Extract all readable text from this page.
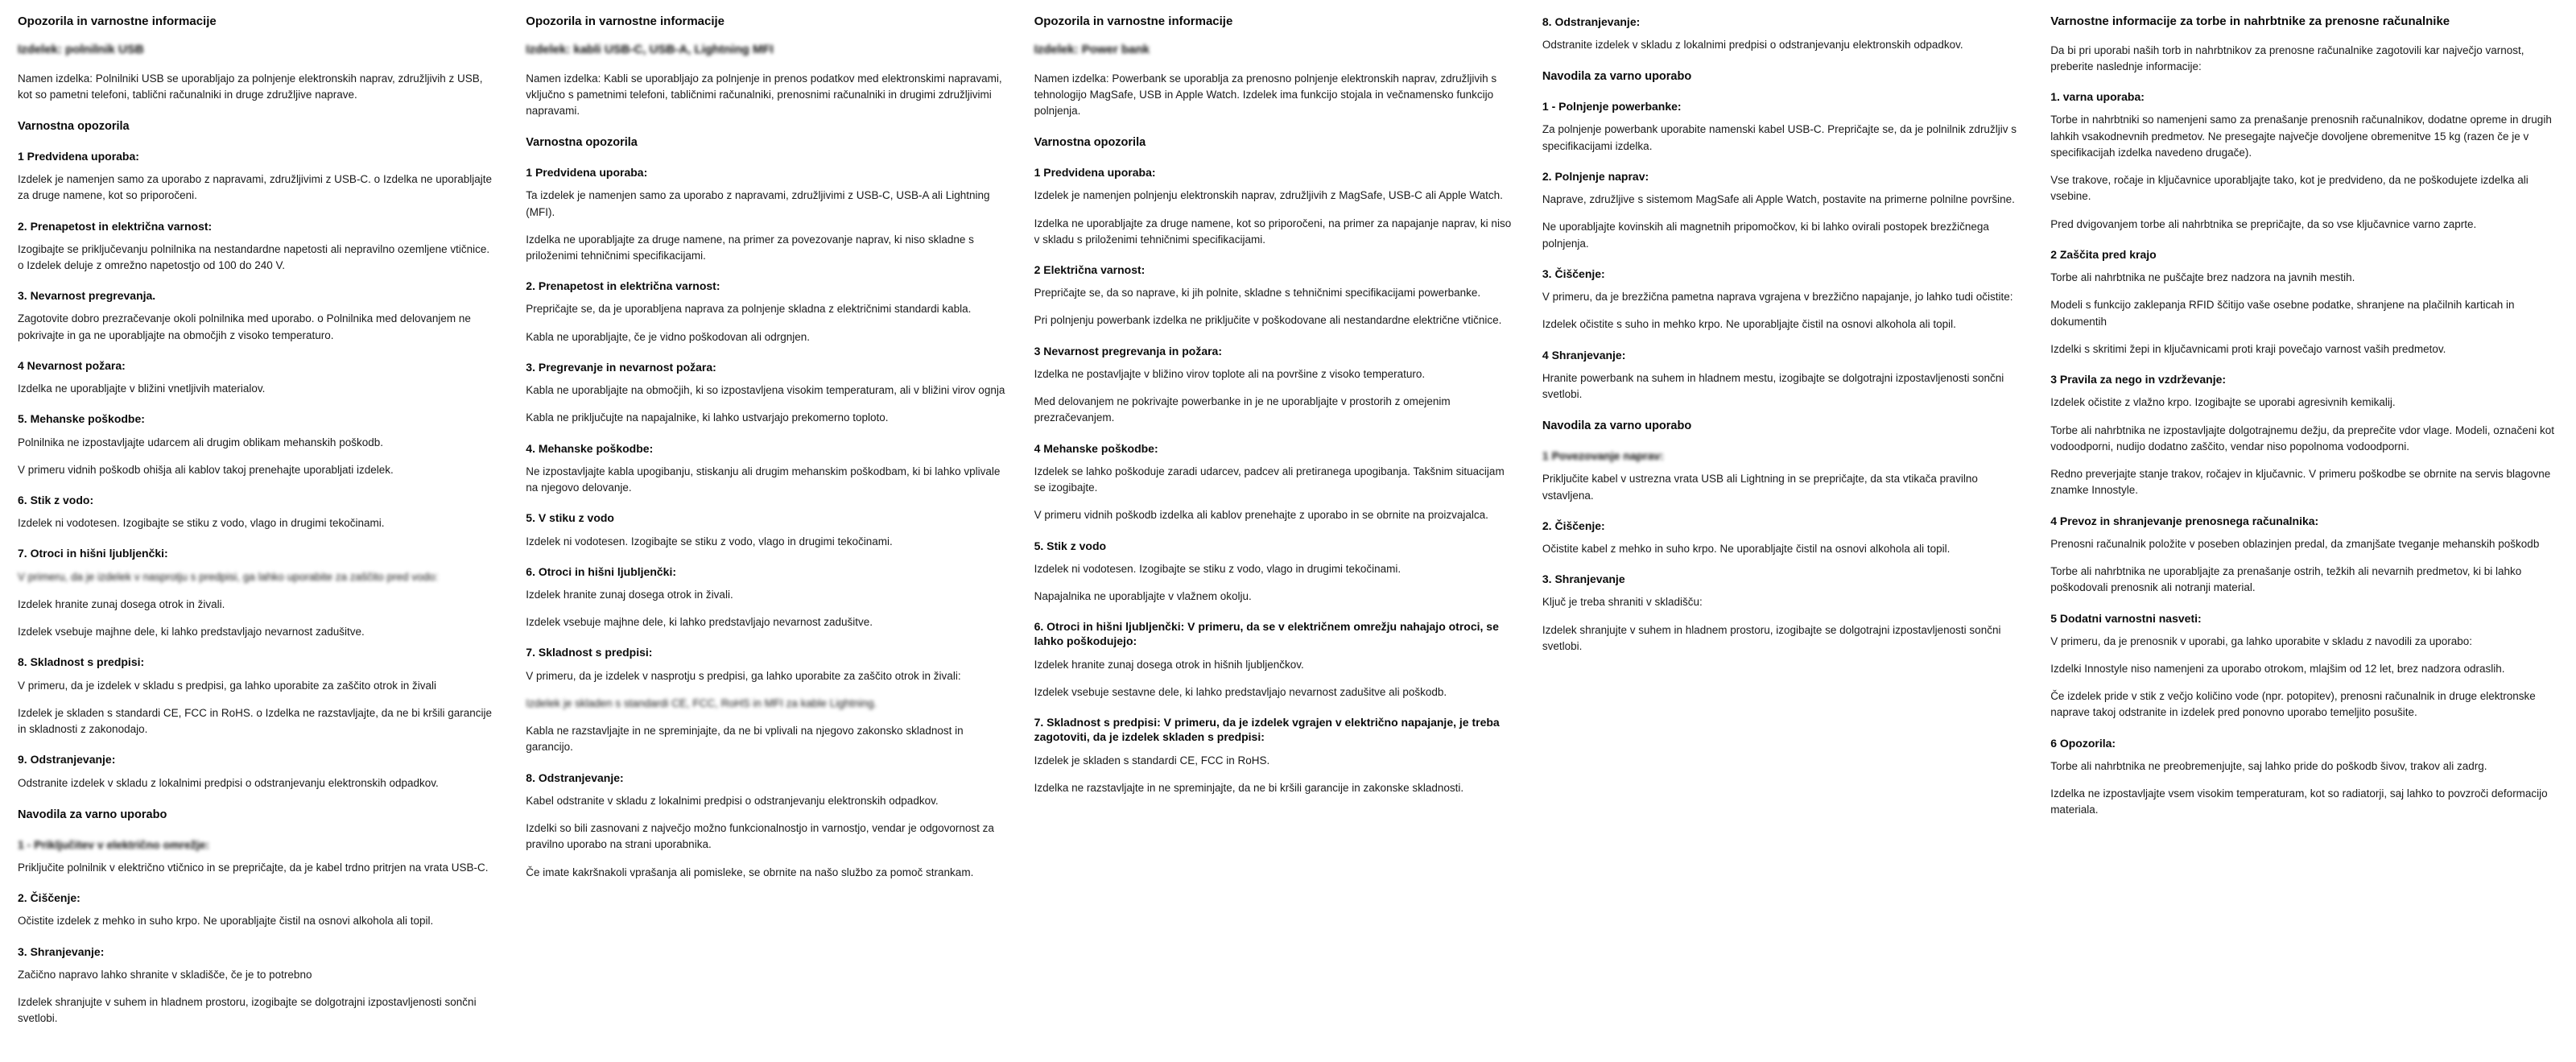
Opozorila in varnostne informacije
Izdelek: polnilnik USB

Namen izdelka: Polnilniki USB se uporabljajo za polnjenje elektronskih naprav, združljivih z USB, kot so pametni telefoni, tablični računalniki in druge združljive naprave.

Varnostna opozorila
1 Predvidena uporaba:

Izdelek je namenjen samo za uporabo z napravami, združljivimi z USB-C. o Izdelka ne uporabljajte za druge namene, kot so priporočeni.

2. Prenapetost in električna varnost:

Izogibajte se priključevanju polnilnika na nestandardne napetosti ali nepravilno ozemljene vtičnice. o Izdelek deluje z omrežno napetostjo od 100 do 240 V.

3. Nevarnost pregrevanja.

Zagotovite dobro prezračevanje okoli polnilnika med uporabo. o Polnilnika med delovanjem ne pokrivajte in ga ne uporabljajte na območjih z visoko temperaturo.

4 Nevarnost požara:

Izdelka ne uporabljajte v bližini vnetljivih materialov.

5. Mehanske poškodbe:

Polnilnika ne izpostavljajte udarcem ali drugim oblikam mehanskih poškodb.

V primeru vidnih poškodb ohišja ali kablov takoj prenehajte uporabljati izdelek.

6. Stik z vodo:

Izdelek ni vodotesen. Izogibajte se stiku z vodo, vlago in drugimi tekočinami.

7. Otroci in hišni ljubljenčki:

V primeru, da je izdelek v nasprotju s predpisi, ga lahko uporabite za zaščito pred vodo:

Izdelek hranite zunaj dosega otrok in živali.

Izdelek vsebuje majhne dele, ki lahko predstavljajo nevarnost zadušitve.

8. Skladnost s predpisi:

V primeru, da je izdelek v skladu s predpisi, ga lahko uporabite za zaščito otrok in živali

Izdelek je skladen s standardi CE, FCC in RoHS. o Izdelka ne razstavljajte, da ne bi kršili garancije in skladnosti z zakonodajo.

9. Odstranjevanje:

Odstranite izdelek v skladu z lokalnimi predpisi o odstranjevanju elektronskih odpadkov.

Navodila za varno uporabo
1 - Priključitev v električno omrežje:

Priključite polnilnik v električno vtičnico in se prepričajte, da je kabel trdno pritrjen na vrata USB-C.

2. Čiščenje:

Očistite izdelek z mehko in suho krpo. Ne uporabljajte čistil na osnovi alkohola ali topil.

3. Shranjevanje:

Začično napravo lahko shranite v skladišče, če je to potrebno

Izdelek shranjujte v suhem in hladnem prostoru, izogibajte se dolgotrajni izpostavljenosti sončni svetlobi.

Opozorila in varnostne informacije
Izdelek: kabli USB-C, USB-A, Lightning MFI

Namen izdelka: Kabli se uporabljajo za polnjenje in prenos podatkov med elektronskimi napravami, vključno s pametnimi telefoni, tabličnimi računalniki, prenosnimi računalniki in drugimi združljivimi napravami.

Varnostna opozorila
1 Predvidena uporaba:

Ta izdelek je namenjen samo za uporabo z napravami, združljivimi z USB-C, USB-A ali Lightning (MFI).

Izdelka ne uporabljajte za druge namene, na primer za povezovanje naprav, ki niso skladne s priloženimi tehničnimi specifikacijami.

2. Prenapetost in električna varnost:

Prepričajte se, da je uporabljena naprava za polnjenje skladna z električnimi standardi kabla.

Kabla ne uporabljajte, če je vidno poškodovan ali odrgnjen.

3. Pregrevanje in nevarnost požara:

Kabla ne uporabljajte na območjih, ki so izpostavljena visokim temperaturam, ali v bližini virov ognja

Kabla ne priključujte na napajalnike, ki lahko ustvarjajo prekomerno toploto.

4. Mehanske poškodbe:

Ne izpostavljajte kabla upogibanju, stiskanju ali drugim mehanskim poškodbam, ki bi lahko vplivale na njegovo delovanje.

5. V stiku z vodo

Izdelek ni vodotesen. Izogibajte se stiku z vodo, vlago in drugimi tekočinami.

6. Otroci in hišni ljubljenčki:

Izdelek hranite zunaj dosega otrok in živali.

Izdelek vsebuje majhne dele, ki lahko predstavljajo nevarnost zadušitve.

7. Skladnost s predpisi:

V primeru, da je izdelek v nasprotju s predpisi, ga lahko uporabite za zaščito otrok in živali:

Izdelek je skladen s standardi CE, FCC, RoHS in MFI za kable Lightning.

Kabla ne razstavljajte in ne spreminjajte, da ne bi vplivali na njegovo zakonsko skladnost in garancijo.

8. Odstranjevanje:

Kabel odstranite v skladu z lokalnimi predpisi o odstranjevanju elektronskih odpadkov.

Izdelki so bili zasnovani z največjo možno funkcionalnostjo in varnostjo, vendar je odgovornost za pravilno uporabo na strani uporabnika.

Če imate kakršnakoli vprašanja ali pomisleke, se obrnite na našo službo za pomoč strankam.

Opozorila in varnostne informacije
Izdelek: Power bank

Namen izdelka: Powerbank se uporablja za prenosno polnjenje elektronskih naprav, združljivih s tehnologijo MagSafe, USB in Apple Watch. Izdelek ima funkcijo stojala in večnamensko funkcijo polnjenja.

Varnostna opozorila
1 Predvidena uporaba:

Izdelek je namenjen polnjenju elektronskih naprav, združljivih z MagSafe, USB-C ali Apple Watch.

Izdelka ne uporabljajte za druge namene, kot so priporočeni, na primer za napajanje naprav, ki niso v skladu s priloženimi tehničnimi specifikacijami.

2 Električna varnost:

Prepričajte se, da so naprave, ki jih polnite, skladne s tehničnimi specifikacijami powerbanke.

Pri polnjenju powerbank izdelka ne priključite v poškodovane ali nestandardne električne vtičnice.

3 Nevarnost pregrevanja in požara:

Izdelka ne postavljajte v bližino virov toplote ali na površine z visoko temperaturo.

Med delovanjem ne pokrivajte powerbanke in je ne uporabljajte v prostorih z omejenim prezračevanjem.

4 Mehanske poškodbe:

Izdelek se lahko poškoduje zaradi udarcev, padcev ali pretiranega upogibanja. Takšnim situacijam se izogibajte.

V primeru vidnih poškodb izdelka ali kablov prenehajte z uporabo in se obrnite na proizvajalca.

5. Stik z vodo

Izdelek ni vodotesen. Izogibajte se stiku z vodo, vlago in drugimi tekočinami.

Napajalnika ne uporabljajte v vlažnem okolju.

6. Otroci in hišni ljubljenčki: V primeru, da se v električnem omrežju nahajajo otroci, se lahko poškodujejo:

Izdelek hranite zunaj dosega otrok in hišnih ljubljenčkov.

Izdelek vsebuje sestavne dele, ki lahko predstavljajo nevarnost zadušitve ali poškodb.

7. Skladnost s predpisi: V primeru, da je izdelek vgrajen v električno napajanje, je treba zagotoviti, da je izdelek skladen s predpisi:

Izdelek je skladen s standardi CE, FCC in RoHS.

Izdelka ne razstavljajte in ne spreminjajte, da ne bi kršili garancije in zakonske skladnosti.

8. Odstranjevanje:

Odstranite izdelek v skladu z lokalnimi predpisi o odstranjevanju elektronskih odpadkov.

Navodila za varno uporabo
1 - Polnjenje powerbanke:

Za polnjenje powerbank uporabite namenski kabel USB-C. Prepričajte se, da je polnilnik združljiv s specifikacijami izdelka.

2. Polnjenje naprav:

Naprave, združljive s sistemom MagSafe ali Apple Watch, postavite na primerne polnilne površine.

Ne uporabljajte kovinskih ali magnetnih pripomočkov, ki bi lahko ovirali postopek brezžičnega polnjenja.

3. Čiščenje:

V primeru, da je brezžična pametna naprava vgrajena v brezžično napajanje, jo lahko tudi očistite:

Izdelek očistite s suho in mehko krpo. Ne uporabljajte čistil na osnovi alkohola ali topil.

4 Shranjevanje:

Hranite powerbank na suhem in hladnem mestu, izogibajte se dolgotrajni izpostavljenosti sončni svetlobi.

Navodila za varno uporabo
1 Povezovanje naprav:

Priključite kabel v ustrezna vrata USB ali Lightning in se prepričajte, da sta vtikača pravilno vstavljena.

2. Čiščenje:

Očistite kabel z mehko in suho krpo. Ne uporabljajte čistil na osnovi alkohola ali topil.

3. Shranjevanje

Ključ je treba shraniti v skladišču:

Izdelek shranjujte v suhem in hladnem prostoru, izogibajte se dolgotrajni izpostavljenosti sončni svetlobi.

Varnostne informacije za torbe in nahrbtnike za prenosne računalnike

Da bi pri uporabi naših torb in nahrbtnikov za prenosne računalnike zagotovili kar največjo varnost, preberite naslednje informacije:

1. varna uporaba:

Torbe in nahrbtniki so namenjeni samo za prenašanje prenosnih računalnikov, dodatne opreme in drugih lahkih vsakodnevnih predmetov. Ne presegajte največje dovoljene obremenitve 15 kg (razen če je v specifikacijah izdelka navedeno drugače).

Vse trakove, ročaje in ključavnice uporabljajte tako, kot je predvideno, da ne poškodujete izdelka ali vsebine.

Pred dvigovanjem torbe ali nahrbtnika se prepričajte, da so vse ključavnice varno zaprte.

2 Zaščita pred krajo

Torbe ali nahrbtnika ne puščajte brez nadzora na javnih mestih.

Modeli s funkcijo zaklepanja RFID ščitijo vaše osebne podatke, shranjene na plačilnih karticah in dokumentih

Izdelki s skritimi žepi in ključavnicami proti kraji povečajo varnost vaših predmetov.

3 Pravila za nego in vzdrževanje:

Izdelek očistite z vlažno krpo. Izogibajte se uporabi agresivnih kemikalij.

Torbe ali nahrbtnika ne izpostavljajte dolgotrajnemu dežju, da preprečite vdor vlage. Modeli, označeni kot vodoodporni, nudijo dodatno zaščito, vendar niso popolnoma vodoodporni.

Redno preverjajte stanje trakov, ročajev in ključavnic. V primeru poškodbe se obrnite na servis blagovne znamke Innostyle.

4 Prevoz in shranjevanje prenosnega računalnika:

Prenosni računalnik položite v poseben oblazinjen predal, da zmanjšate tveganje mehanskih poškodb

Torbe ali nahrbtnika ne uporabljajte za prenašanje ostrih, težkih ali nevarnih predmetov, ki bi lahko poškodovali prenosnik ali notranji material.

5 Dodatni varnostni nasveti:

V primeru, da je prenosnik v uporabi, ga lahko uporabite v skladu z navodili za uporabo:

Izdelki Innostyle niso namenjeni za uporabo otrokom, mlajšim od 12 let, brez nadzora odraslih.

Če izdelek pride v stik z večjo količino vode (npr. potopitev), prenosni računalnik in druge elektronske naprave takoj odstranite in izdelek pred ponovno uporabo temeljito posušite.

6 Opozorila:

Torbe ali nahrbtnika ne preobremenjujte, saj lahko pride do poškodb šivov, trakov ali zadrg.

Izdelka ne izpostavljajte vsem visokim temperaturam, kot so radiatorji, saj lahko to povzroči deformacijo materiala.
